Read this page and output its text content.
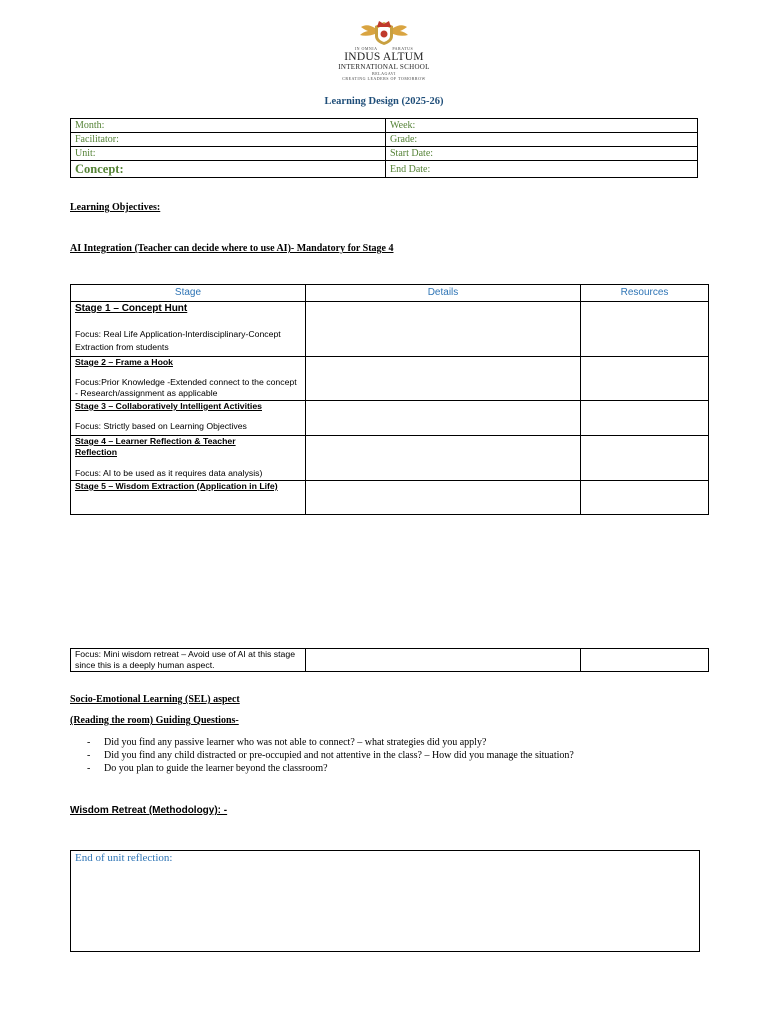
IN OMNIA	PARATUS
INDUS ALTUM
INTERNATIONAL SCHOOL
BELAGAVI
CREATING LEADERS OF TOMORROW
Learning Design (2025-26)
Month:	Week:
Facilitator:	Grade:
Unit:	Start Date:
Concept:	End Date:
Learning Objectives:
AI Integration (Teacher can decide where to use AI)- Mandatory for Stage 4
Stage	Details	Resources

Stage 1 – Concept Hunt
Focus: Real Life Application-Interdisciplinary-Concept Extraction from students		

Stage 2 – Frame a Hook
Focus:Prior Knowledge -Extended connect to the concept - Research/assignment as applicable		

Stage 3 – Collaboratively Intelligent Activities
Focus: Strictly based on Learning Objectives		

Stage 4 – Learner Reflection & Teacher Reflection
Focus: AI to be used as it requires data analysis)		

Stage 5 – Wisdom Extraction (Application in Life)		

Focus: Mini wisdom retreat – Avoid use of AI at this stage since this is a deeply human aspect.		
Socio-Emotional Learning (SEL) aspect
(Reading the room) Guiding Questions-
- Did you find any passive learner who was not able to connect? – what strategies did you apply?
- Did you find any child distracted or pre-occupied and not attentive in the class? – How did you manage the situation?
- Do you plan to guide the learner beyond the classroom?
Wisdom Retreat (Methodology): -
End of unit reflection:
